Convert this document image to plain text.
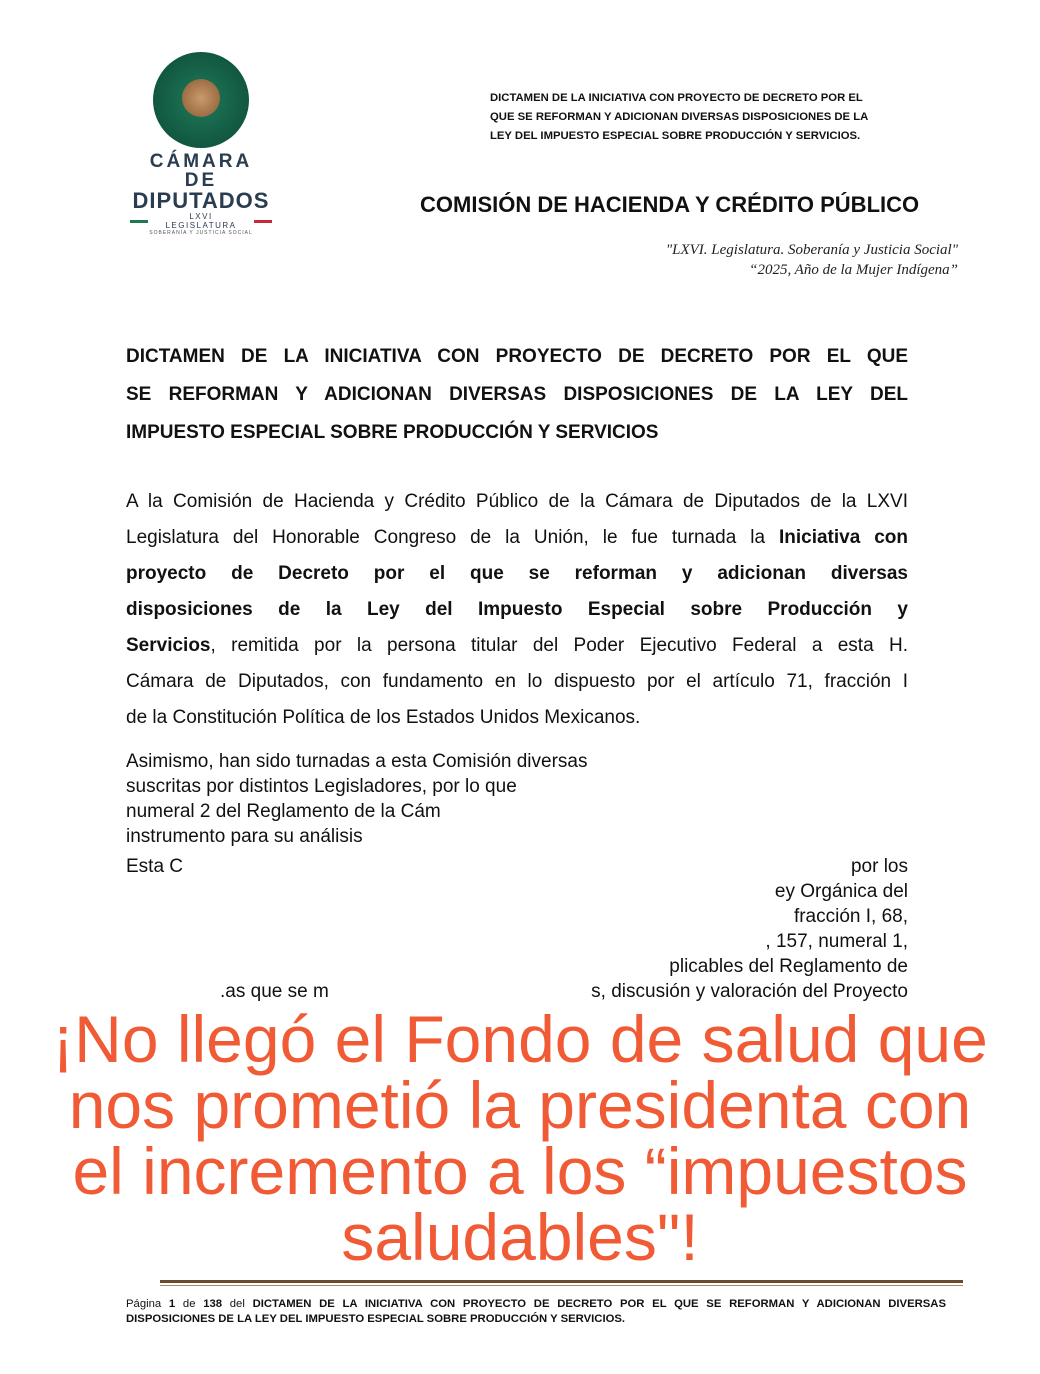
CÁMARA DE
DIPUTADOS
LXVI LEGISLATURA
SOBERANÍA Y JUSTICIA SOCIAL
DICTAMEN DE LA INICIATIVA CON PROYECTO DE DECRETO POR EL
QUE SE REFORMAN Y ADICIONAN DIVERSAS DISPOSICIONES DE LA
LEY DEL IMPUESTO ESPECIAL SOBRE PRODUCCIÓN Y SERVICIOS.
COMISIÓN DE HACIENDA Y CRÉDITO PÚBLICO
"LXVI. Legislatura. Soberanía y Justicia Social"
“2025, Año de la Mujer Indígena”
DICTAMEN DE LA INICIATIVA CON PROYECTO DE DECRETO POR EL QUE
SE REFORMAN Y ADICIONAN DIVERSAS DISPOSICIONES DE LA LEY DEL
IMPUESTO ESPECIAL SOBRE PRODUCCIÓN Y SERVICIOS
A la Comisión de Hacienda y Crédito Público de la Cámara de Diputados de la LXVI
Legislatura del Honorable Congreso de la Unión, le fue turnada la Iniciativa con
proyecto de Decreto por el que se reforman y adicionan diversas
disposiciones de la Ley del Impuesto Especial sobre Producción y
Servicios, remitida por la persona titular del Poder Ejecutivo Federal a esta H.
Cámara de Diputados, con fundamento en lo dispuesto por el artículo 71, fracción I
de la Constitución Política de los Estados Unidos Mexicanos.
Asimismo, han sido turnadas a esta Comisión diversas
suscritas por distintos Legisladores, por lo que
numeral 2 del Reglamento de la Cám
instrumento para su análisis
Esta C	por los
ey Orgánica del
fracción I, 68,
, 157, numeral 1,
plicables del Reglamento de
s, discusión y valoración del Proyecto
.as que se m
¡No llegó el Fondo de salud que
nos prometió la presidenta con
el incremento a los “impuestos
saludables"!
Página 1 de 138 del DICTAMEN DE LA INICIATIVA CON PROYECTO DE DECRETO POR EL QUE SE REFORMAN Y ADICIONAN DIVERSAS DISPOSICIONES DE LA LEY DEL IMPUESTO ESPECIAL SOBRE PRODUCCIÓN Y SERVICIOS.
